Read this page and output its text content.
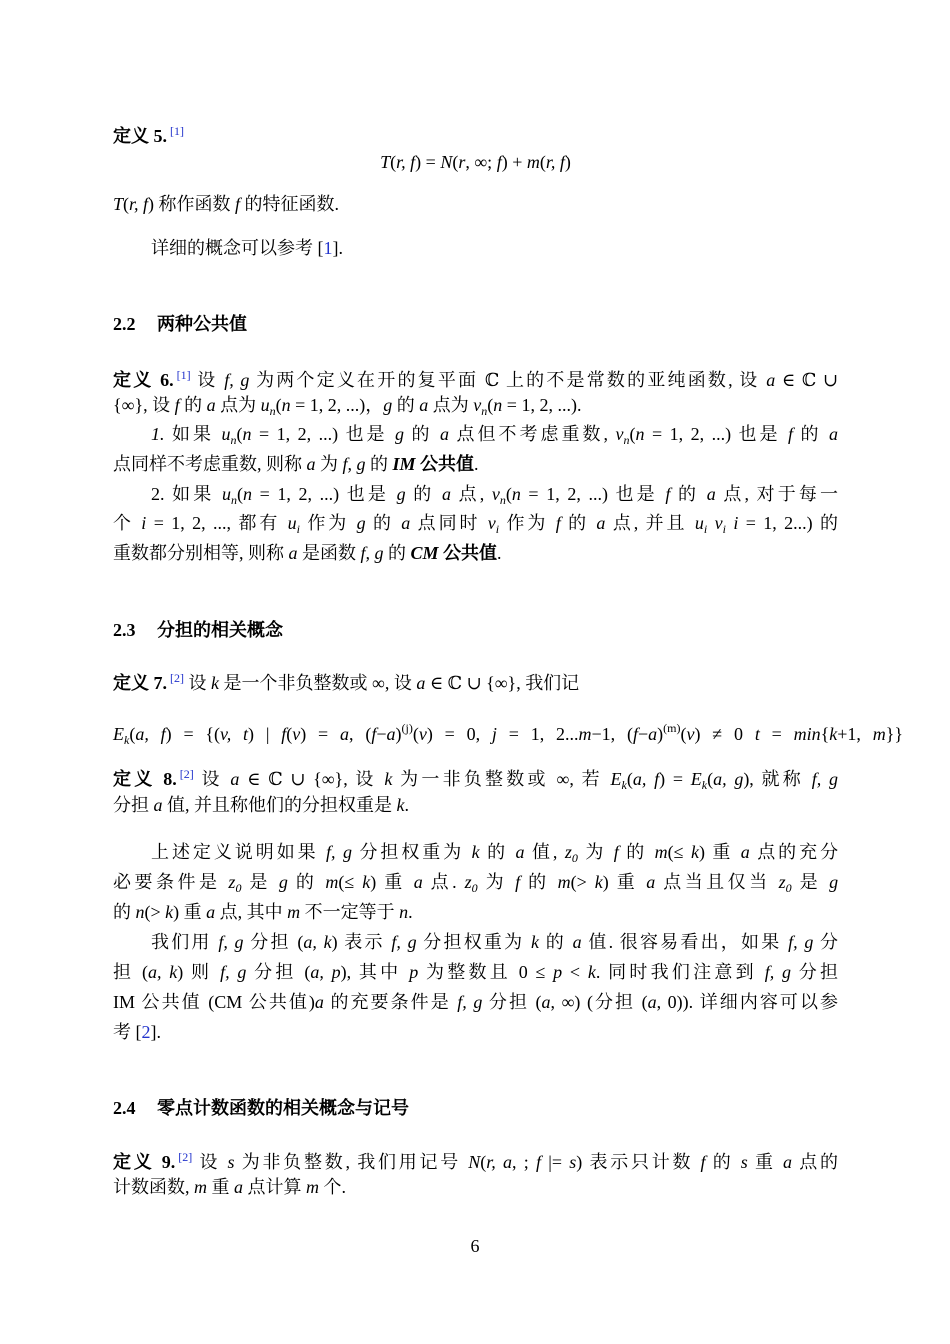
定义 5. [1]
T(r, f) = N(r, ∞; f) + m(r, f)
T(r, f) 称作函数 f 的特征函数.
详细的概念可以参考 [1].
2.2 两种公共值
定义 6. [1] 设 f, g 为两个定义在开的复平面 ℂ 上的不是常数的亚纯函数, 设 a ∈ ℂ ∪
{∞}, 设 f 的 a 点为 $u_n(n = 1$, 2, ...)，g 的 a 点为 $v_n(n = 1$, 2, ...).
1. 如果 $u_n(n = 1$, 2, ...) 也是 g 的 a 点但不考虑重数, $v_n(n = 1$, 2, ...) 也是 f 的 a
点同样不考虑重数, 则称 a 为 f, g 的 IM 公共值.
2. 如果 $u_n(n = 1$, 2, ...) 也是 g 的 a 点, $v_n(n = 1$, 2, ...) 也是 f 的 a 点, 对于每一
个 i = 1, 2, ..., 都有 $u_i$ 作为 g 的 a 点同时 $v_i$ 作为 f 的 a 点, 并且 $u_i$ $v_i$ i = 1, 2...) 的
重数都分别相等, 则称 a 是函数 f, g 的 CM 公共值.
2.3 分担的相关概念
定义 7. [2] 设 k 是一个非负整数或 ∞, 设 a ∈ ℂ ∪ {∞}, 我们记
$E_k(a$, f) = {(v, t) | f(v) = a, $(f-a)^{(j)}(v) = 0$, j = 1, 2...m−1, $(f-a)^{(m)}(v) \ne 0$ t = min{k+1, m}}
定义 8. [2] 设 a ∈ ℂ ∪ {∞}, 设 k 为一非负整数或 ∞, 若 $E_k(a$, $f) = E_k(a$, g), 就称 f, g
分担 a 值, 并且称他们的分担权重是 k.
上述定义说明如果 f, g 分担权重为 k 的 a 值, $z_0$ 为 f 的 m(≤ k) 重 a 点的充分
必要条件是 $z_0$ 是 g 的 m(≤ k) 重 a 点. $z_0$ 为 f 的 m(> k) 重 a 点当且仅当 $z_0$ 是 g
的 n(> k) 重 a 点, 其中 m 不一定等于 n.
我们用 f, g 分担 (a, k) 表示 f, g 分担权重为 k 的 a 值. 很容易看出，如果 f, g 分
担 (a, k) 则 f, g 分担 (a, p), 其中 p 为整数且 0 ≤ p < k. 同时我们注意到 f, g 分担
IM 公共值 (CM 公共值)a 的充要条件是 f, g 分担 (a, ∞) (分担 (a, 0)). 详细内容可以参
考 [2].
2.4 零点计数函数的相关概念与记号
定义 9. [2] 设 s 为非负整数, 我们用记号 N(r, a, ; f |= s) 表示只计数 f 的 s 重 a 点的
计数函数, m 重 a 点计算 m 个.
6
